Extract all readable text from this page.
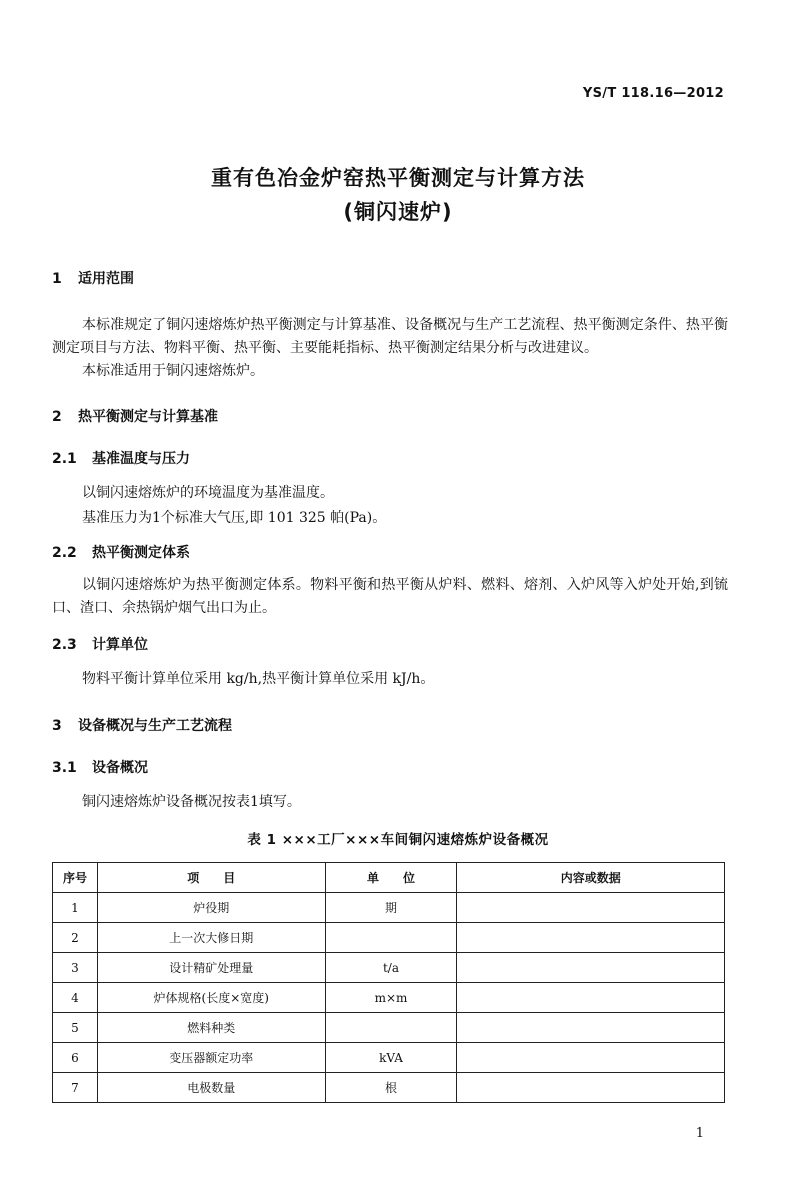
YS/T 118.16—2012
重有色冶金炉窑热平衡测定与计算方法
(铜闪速炉)
1 适用范围
本标准规定了铜闪速熔炼炉热平衡测定与计算基准、设备概况与生产工艺流程、热平衡测定条件、热平衡测定项目与方法、物料平衡、热平衡、主要能耗指标、热平衡测定结果分析与改进建议。
本标准适用于铜闪速熔炼炉。
2 热平衡测定与计算基准
2.1 基准温度与压力
以铜闪速熔炼炉的环境温度为基准温度。
基准压力为1个标准大气压,即 101 325 帕(Pa)。
2.2 热平衡测定体系
以铜闪速熔炼炉为热平衡测定体系。物料平衡和热平衡从炉料、燃料、熔剂、入炉风等入炉处开始,到锍口、渣口、余热锅炉烟气出口为止。
2.3 计算单位
物料平衡计算单位采用 kg/h,热平衡计算单位采用 kJ/h。
3 设备概况与生产工艺流程
3.1 设备概况
铜闪速熔炼炉设备概况按表1填写。
表 1 ×××工厂×××车间铜闪速熔炼炉设备概况
序号	项　　目	单　　位	内容或数据
1	炉役期	期	
2	上一次大修日期		
3	设计精矿处理量	t/a	
4	炉体规格(长度×宽度)	m×m	
5	燃料种类		
6	变压器额定功率	kVA	
7	电极数量	根	
1
